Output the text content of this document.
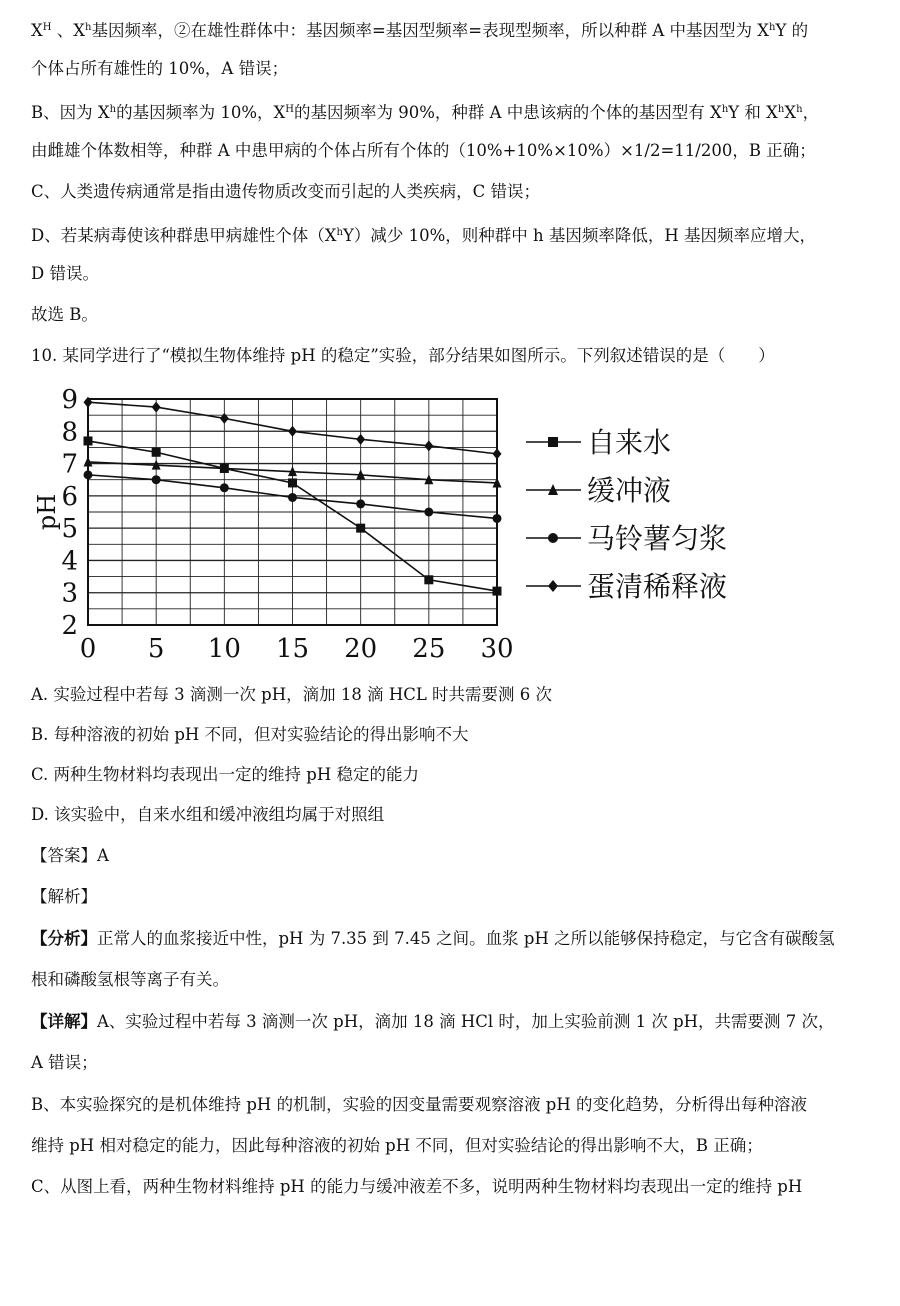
$X^H$ 、$X^h$基因频率，②在雄性群体中：基因频率=基因型频率=表现型频率，所以种群 A 中基因型为 $X^hY$ 的
个体占所有雄性的 10%，A 错误；
B、因为 $X^h$的基因频率为 10%，$X^H$的基因频率为 90%，种群 A 中患该病的个体的基因型有 $X^hY$ 和 $X^hX^h$，
由雌雄个体数相等，种群 A 中患甲病的个体占所有个体的（10%+10%×10%）×1/2=11/200，B 正确；
C、人类遗传病通常是指由遗传物质改变而引起的人类疾病，C 错误；
D、若某病毒使该种群患甲病雄性个体$(X^hY)$减少 10%，则种群中 h 基因频率降低，H 基因频率应增大，
D 错误。
故选 B。
10. 某同学进行了“模拟生物体维持 pH 的稳定”实验，部分结果如图所示。下列叙述错误的是（　　）
2
3
4
5
6
7
8
9
0 5 10 15 20 25 30
pH
自来水
缓冲液
马铃薯匀浆
蛋清稀释液
A. 实验过程中若每 3 滴测一次 pH，滴加 18 滴 HCL 时共需要测 6 次
B. 每种溶液的初始 pH 不同，但对实验结论的得出影响不大
C. 两种生物材料均表现出一定的维持 pH 稳定的能力
D. 该实验中，自来水组和缓冲液组均属于对照组
【答案】A
【解析】
【分析】正常人的血浆接近中性，pH 为 7.35 到 7.45 之间。血浆 pH 之所以能够保持稳定，与它含有碳酸氢
根和磷酸氢根等离子有关。
【详解】A、实验过程中若每 3 滴测一次 pH，滴加 18 滴 HCl 时，加上实验前测 1 次 pH，共需要测 7 次，
A 错误；
B、本实验探究的是机体维持 pH 的机制，实验的因变量需要观察溶液 pH 的变化趋势，分析得出每种溶液
维持 pH 相对稳定的能力，因此每种溶液的初始 pH 不同，但对实验结论的得出影响不大，B 正确；
C、从图上看，两种生物材料维持 pH 的能力与缓冲液差不多，说明两种生物材料均表现出一定的维持 pH
